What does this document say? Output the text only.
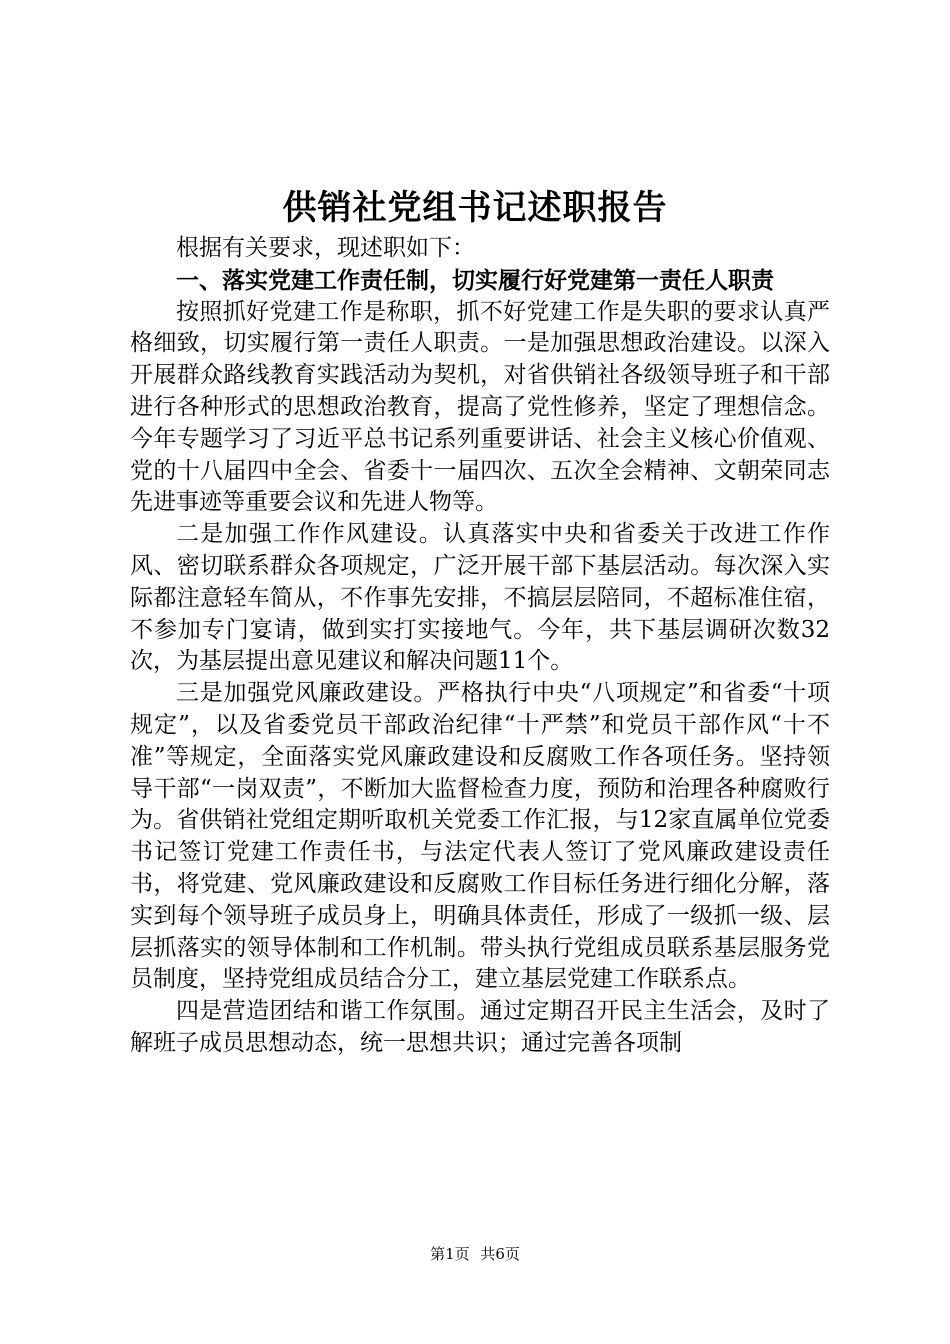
供销社党组书记述职报告

根据有关要求，现述职如下：

一、落实党建工作责任制，切实履行好党建第一责任人职责

按照抓好党建工作是称职，抓不好党建工作是失职的要求认真严格细致，切实履行第一责任人职责。一是加强思想政治建设。以深入开展群众路线教育实践活动为契机，对省供销社各级领导班子和干部进行各种形式的思想政治教育，提高了党性修养，坚定了理想信念。今年专题学习了习近平总书记系列重要讲话、社会主义核心价值观、党的十八届四中全会、省委十一届四次、五次全会精神、文朝荣同志先进事迹等重要会议和先进人物等。

二是加强工作作风建设。认真落实中央和省委关于改进工作作风、密切联系群众各项规定，广泛开展干部下基层活动。每次深入实际都注意轻车简从，不作事先安排，不搞层层陪同，不超标准住宿，不参加专门宴请，做到实打实接地气。今年，共下基层调研次数32次，为基层提出意见建议和解决问题11个。

三是加强党风廉政建设。严格执行中央“八项规定”和省委“十项规定”，以及省委党员干部政治纪律“十严禁”和党员干部作风“十不准”等规定，全面落实党风廉政建设和反腐败工作各项任务。坚持领导干部“一岗双责”，不断加大监督检查力度，预防和治理各种腐败行为。省供销社党组定期听取机关党委工作汇报，与12家直属单位党委书记签订党建工作责任书，与法定代表人签订了党风廉政建设责任书，将党建、党风廉政建设和反腐败工作目标任务进行细化分解，落实到每个领导班子成员身上，明确具体责任，形成了一级抓一级、层层抓落实的领导体制和工作机制。带头执行党组成员联系基层服务党员制度，坚持党组成员结合分工，建立基层党建工作联系点。

四是营造团结和谐工作氛围。通过定期召开民主生活会，及时了解班子成员思想动态，统一思想共识；通过完善各项制

第1页 共6页
